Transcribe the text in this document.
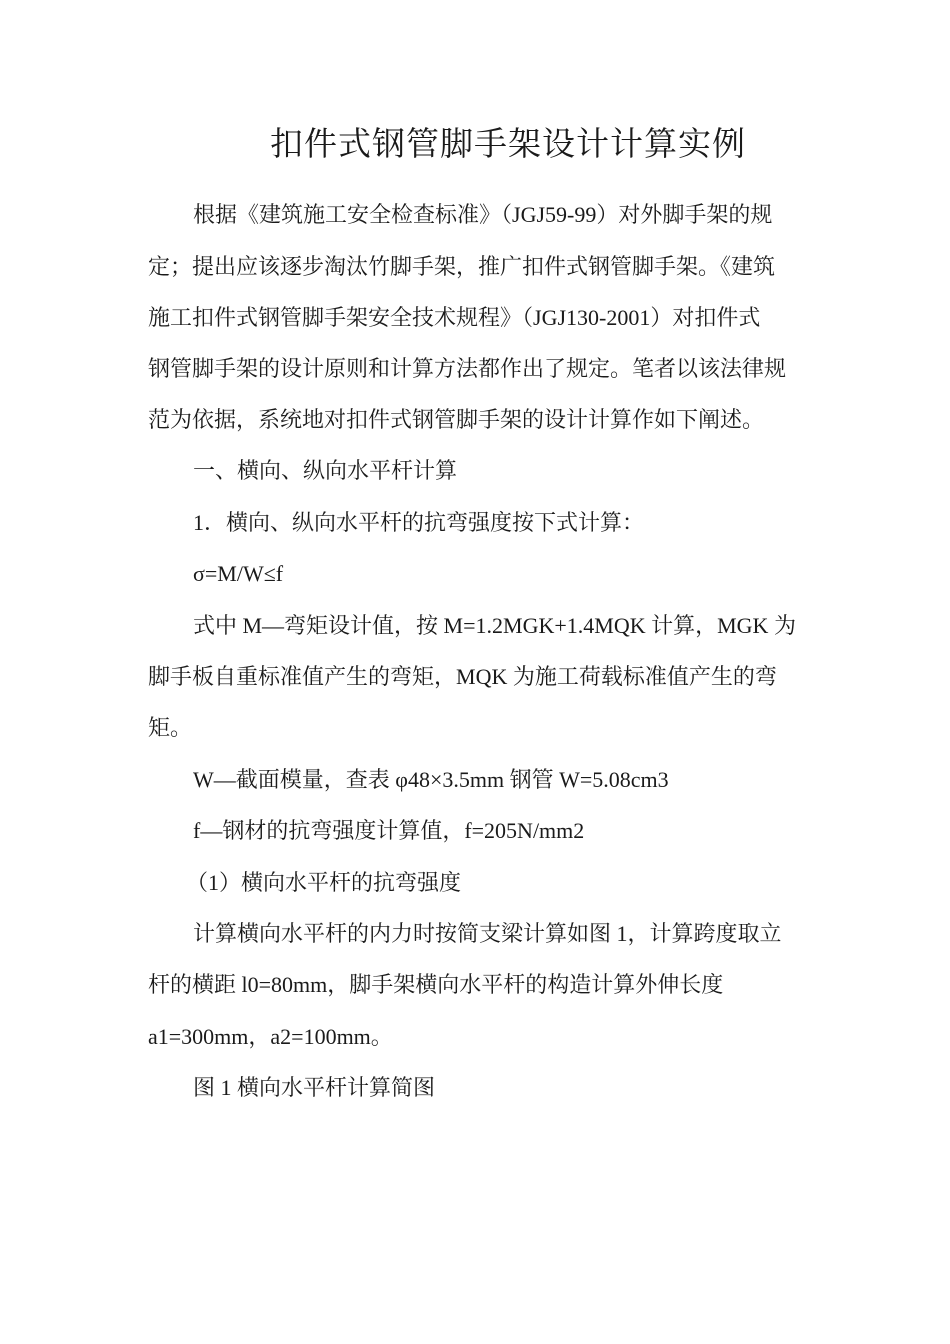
扣件式钢管脚手架设计计算实例
根据《建筑施工安全检查标准》（JGJ59-99）对外脚手架的规
定；提出应该逐步淘汰竹脚手架，推广扣件式钢管脚手架。《建筑
施工扣件式钢管脚手架安全技术规程》（JGJ130-2001）对扣件式
钢管脚手架的设计原则和计算方法都作出了规定。笔者以该法律规
范为依据，系统地对扣件式钢管脚手架的设计计算作如下阐述。
一、横向、纵向水平杆计算
1．横向、纵向水平杆的抗弯强度按下式计算：
σ=M/W≤f
式中 M—弯矩设计值，按 M=1.2MGK+1.4MQK 计算，MGK 为
脚手板自重标准值产生的弯矩，MQK 为施工荷载标准值产生的弯
矩。
W—截面模量，查表 φ48×3.5mm 钢管 W=5.08cm3
f—钢材的抗弯强度计算值，f=205N/mm2
（1）横向水平杆的抗弯强度
计算横向水平杆的内力时按简支梁计算如图 1，计算跨度取立
杆的横距 l0=80mm，脚手架横向水平杆的构造计算外伸长度
a1=300mm，a2=100mm。
图 1 横向水平杆计算简图
